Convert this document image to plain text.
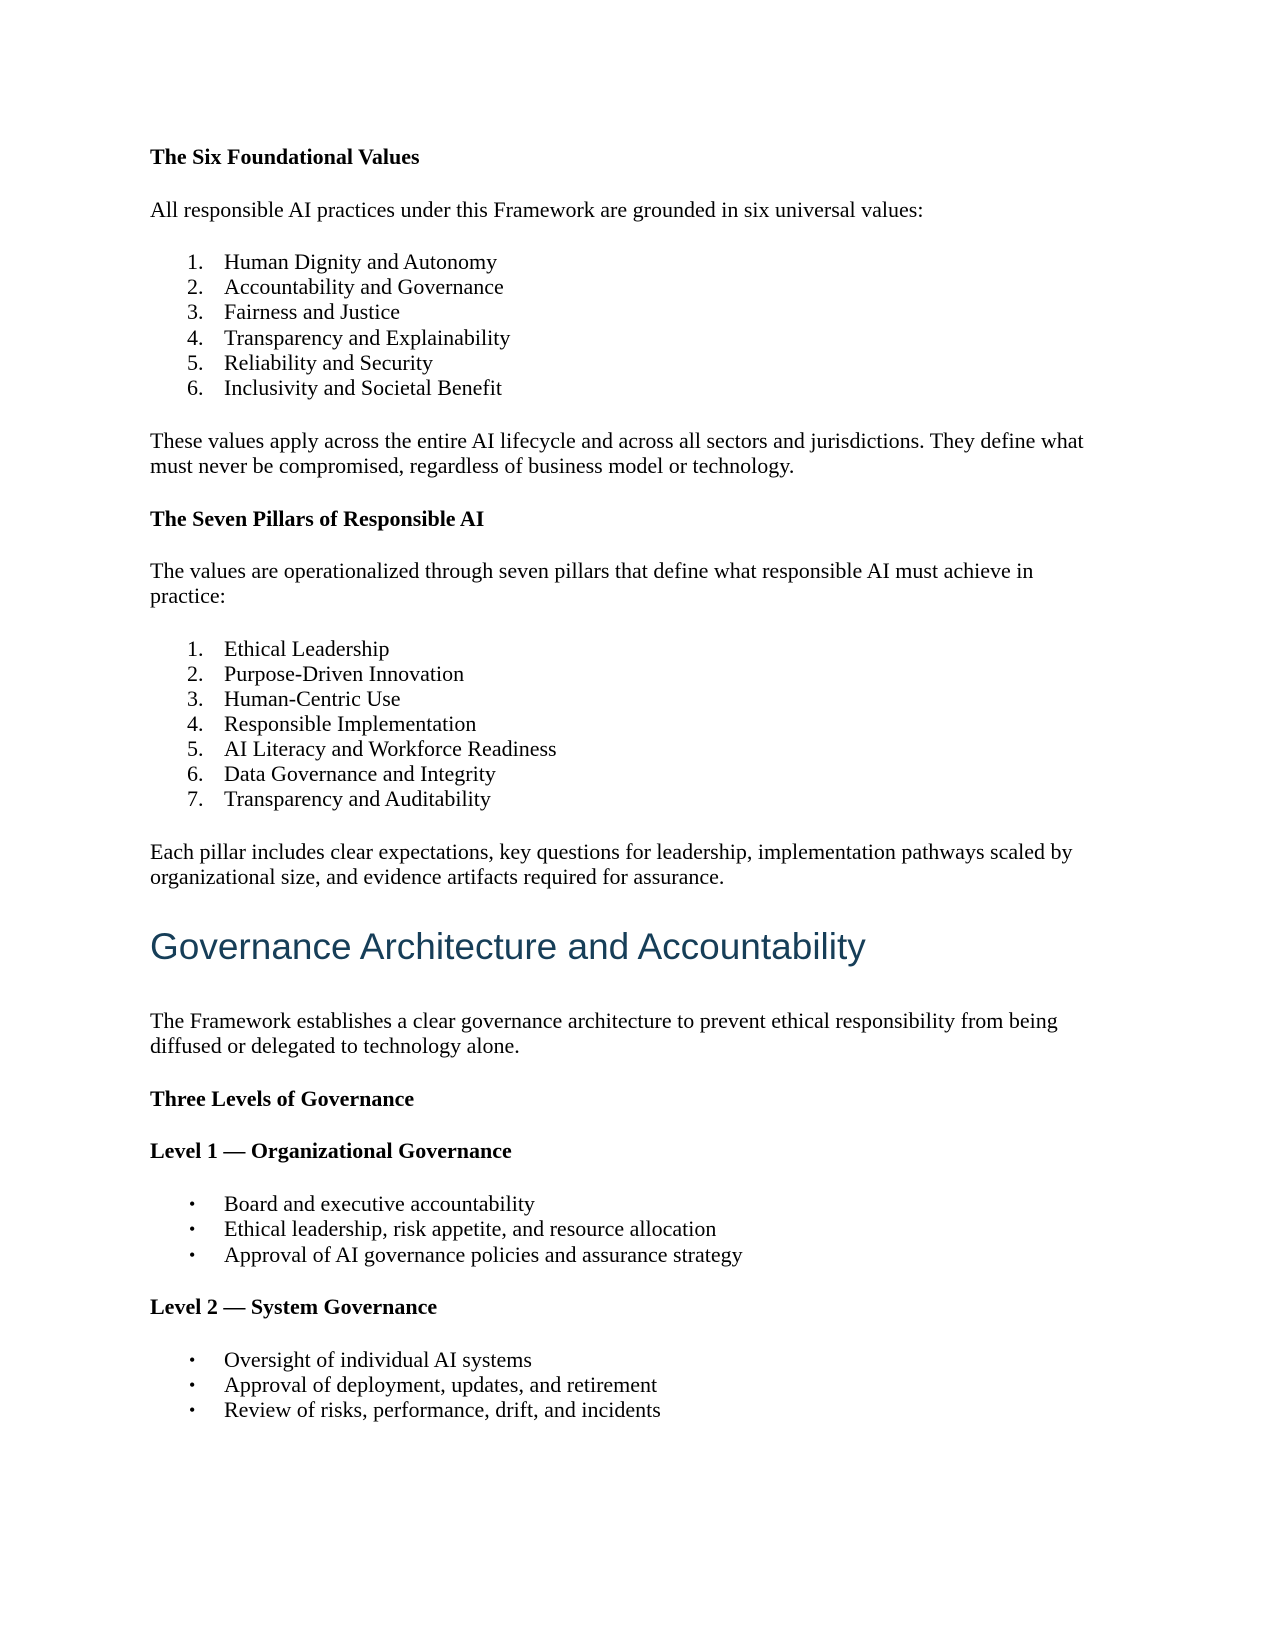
The Six Foundational Values
All responsible AI practices under this Framework are grounded in six universal values:
1. Human Dignity and Autonomy
2. Accountability and Governance
3. Fairness and Justice
4. Transparency and Explainability
5. Reliability and Security
6. Inclusivity and Societal Benefit
These values apply across the entire AI lifecycle and across all sectors and jurisdictions. They define what
must never be compromised, regardless of business model or technology.
The Seven Pillars of Responsible AI
The values are operationalized through seven pillars that define what responsible AI must achieve in
practice:
1. Ethical Leadership
2. Purpose-Driven Innovation
3. Human-Centric Use
4. Responsible Implementation
5. AI Literacy and Workforce Readiness
6. Data Governance and Integrity
7. Transparency and Auditability
Each pillar includes clear expectations, key questions for leadership, implementation pathways scaled by
organizational size, and evidence artifacts required for assurance.
Governance Architecture and Accountability
The Framework establishes a clear governance architecture to prevent ethical responsibility from being
diffused or delegated to technology alone.
Three Levels of Governance
Level 1 — Organizational Governance
• Board and executive accountability
• Ethical leadership, risk appetite, and resource allocation
• Approval of AI governance policies and assurance strategy
Level 2 — System Governance
• Oversight of individual AI systems
• Approval of deployment, updates, and retirement
• Review of risks, performance, drift, and incidents
